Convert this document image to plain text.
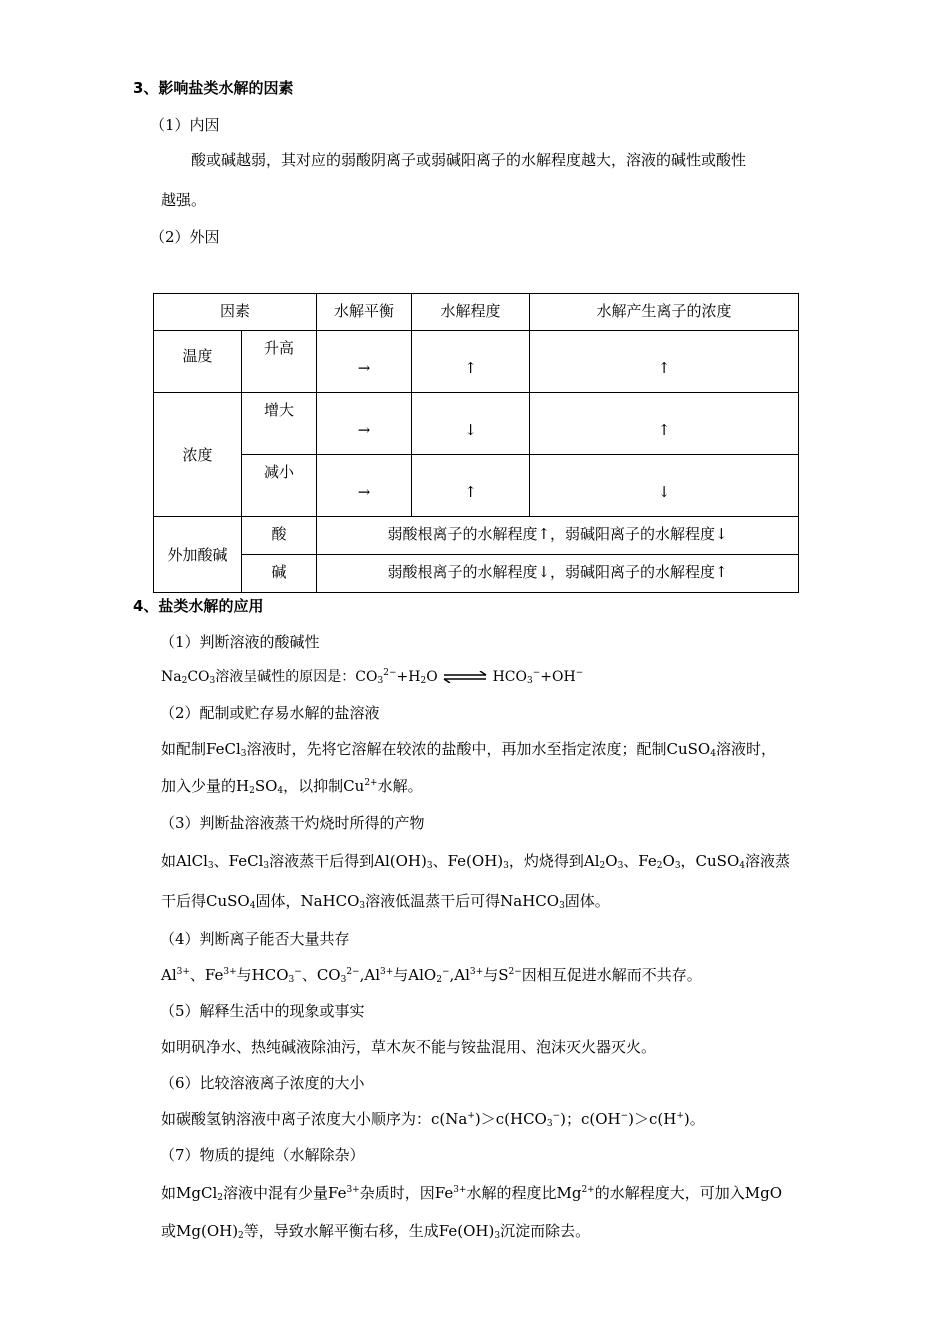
3、影响盐类水解的因素
（1）内因
酸或碱越弱，其对应的弱酸阴离子或弱碱阳离子的水解程度越大，溶液的碱性或酸性
越强。
（2）外因
因素		水解平衡	水解程度	水解产生离子的浓度
温度	升高	→	↑	↑

浓度	增大	→	↓	↑

	减小	→	↑	↓

外加酸碱	酸	弱酸根离子的水解程度↑，弱碱阳离子的水解程度↓		
	碱	弱酸根离子的水解程度↓，弱碱阳离子的水解程度↑		
4、盐类水解的应用
（1）判断溶液的酸碱性
$Na_2CO_3$溶液呈碱性的原因是：$CO_3^{2-}+H_2O$ ⇌ $HCO_3^-+OH^-$
（2）配制或贮存易水解的盐溶液
如配制FeCl$_3$溶液时，先将它溶解在较浓的盐酸中，再加水至指定浓度；配制CuSO$_4$溶液时，
加入少量的$H_2SO_4$，以抑制$Cu^{2+}$水解。
（3）判断盐溶液蒸干灼烧时所得的产物
如AlCl$_3$、FeCl$_3$溶液蒸干后得到$Al(OH)_3$、$Fe(OH)_3$，灼烧得到$Al_2O_3$、$Fe_2O_3$，CuSO$_4$溶液蒸
干后得CuSO$_4$固体，NaHCO$_3$溶液低温蒸干后可得NaHCO$_3$固体。
（4）判断离子能否大量共存
$Al^{3+}$、$Fe^{3+}$与$HCO_3^-$、$CO_3^{2-},Al^{3+}$与$AlO_2^-,Al^{3+}$与$S^{2-}$因相互促进水解而不共存。
（5）解释生活中的现象或事实
如明矾净水、热纯碱液除油污，草木灰不能与铵盐混用、泡沫灭火器灭火。
（6）比较溶液离子浓度的大小
如碳酸氢钠溶液中离子浓度大小顺序为：$c(Na^+)>c(HCO_3^-)$；c(OH−)＞c(H+)。
（7）物质的提纯（水解除杂）
如MgCl$_2$溶液中混有少量$Fe^{3+}$杂质时，因$Fe^{3+}$水解的程度比$Mg^{2+}$的水解程度大，可加入MgO
或$Mg(OH)_2$等，导致水解平衡右移，生成$Fe(OH)_3$沉淀而除去。
